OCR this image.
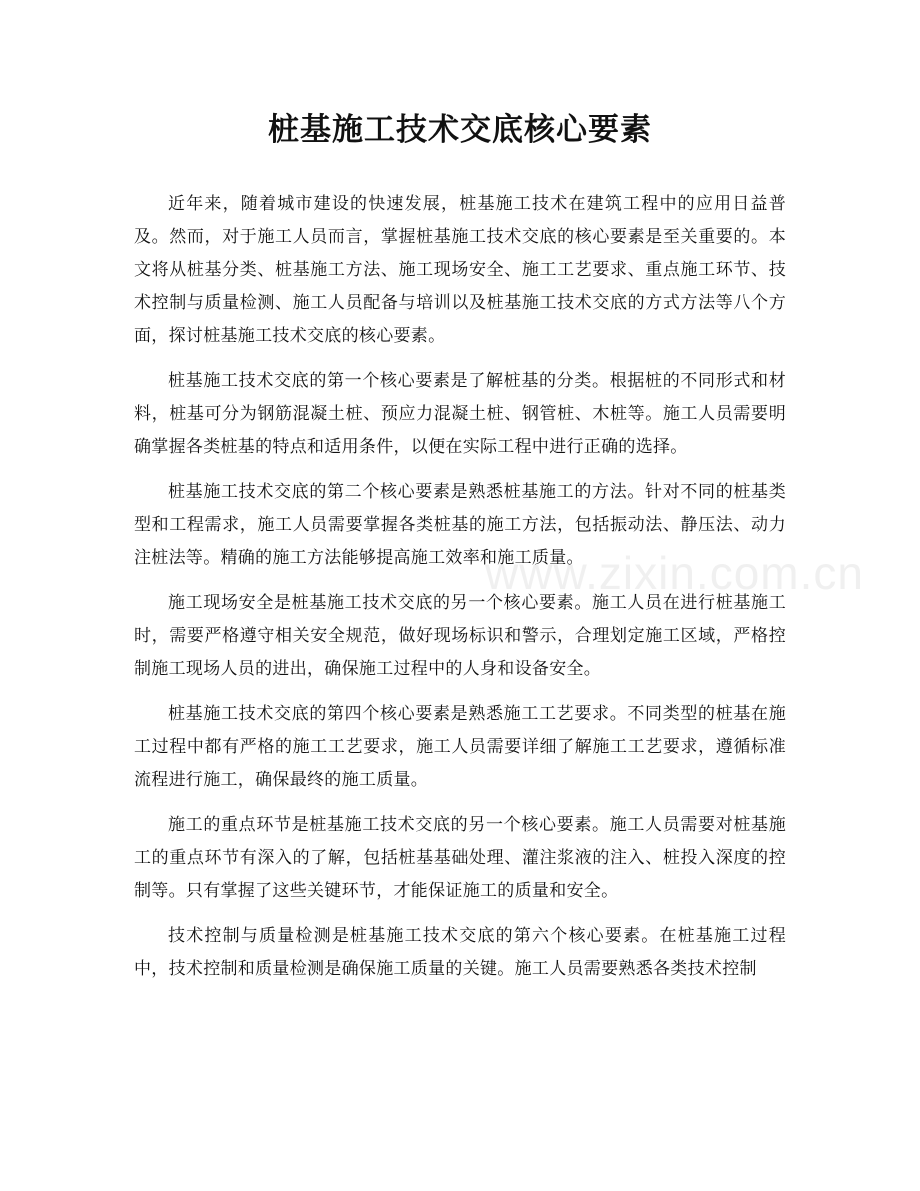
桩基施工技术交底核心要素

近年来，随着城市建设的快速发展，桩基施工技术在建筑工程中的应用日益普及。然而，对于施工人员而言，掌握桩基施工技术交底的核心要素是至关重要的。本文将从桩基分类、桩基施工方法、施工现场安全、施工工艺要求、重点施工环节、技术控制与质量检测、施工人员配备与培训以及桩基施工技术交底的方式方法等八个方面，探讨桩基施工技术交底的核心要素。

桩基施工技术交底的第一个核心要素是了解桩基的分类。根据桩的不同形式和材料，桩基可分为钢筋混凝土桩、预应力混凝土桩、钢管桩、木桩等。施工人员需要明确掌握各类桩基的特点和适用条件，以便在实际工程中进行正确的选择。

桩基施工技术交底的第二个核心要素是熟悉桩基施工的方法。针对不同的桩基类型和工程需求，施工人员需要掌握各类桩基的施工方法，包括振动法、静压法、动力注桩法等。精确的施工方法能够提高施工效率和施工质量。

施工现场安全是桩基施工技术交底的另一个核心要素。施工人员在进行桩基施工时，需要严格遵守相关安全规范，做好现场标识和警示，合理划定施工区域，严格控制施工现场人员的进出，确保施工过程中的人身和设备安全。

桩基施工技术交底的第四个核心要素是熟悉施工工艺要求。不同类型的桩基在施工过程中都有严格的施工工艺要求，施工人员需要详细了解施工工艺要求，遵循标准流程进行施工，确保最终的施工质量。

施工的重点环节是桩基施工技术交底的另一个核心要素。施工人员需要对桩基施工的重点环节有深入的了解，包括桩基基础处理、灌注浆液的注入、桩投入深度的控制等。只有掌握了这些关键环节，才能保证施工的质量和安全。

技术控制与质量检测是桩基施工技术交底的第六个核心要素。在桩基施工过程中，技术控制和质量检测是确保施工质量的关键。施工人员需要熟悉各类技术控制

www.zixin.com.cn
